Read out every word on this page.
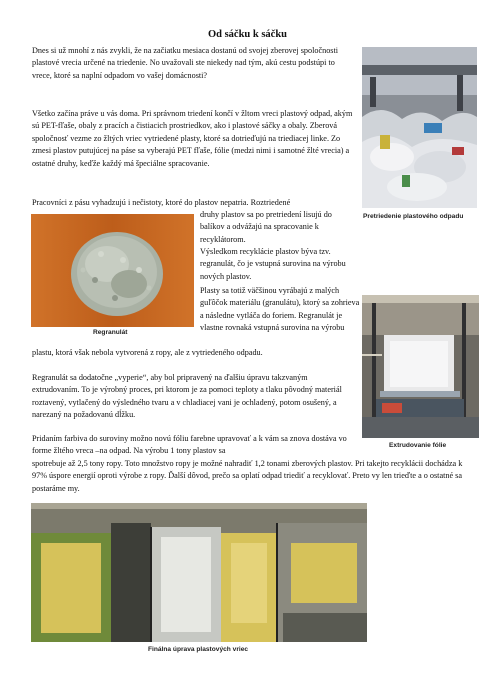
Od sáčku k sáčku

Dnes si už mnohí z nás zvykli, že na začiatku mesiaca dostanú od svojej zberovej spoločnosti plastové vrecia určené na triedenie. No uvažovali ste niekedy nad tým, akú cestu podstúpi to vrece, ktoré sa naplní odpadom vo vašej domácnosti?

Všetko začína práve u vás doma. Pri správnom triedení končí v žltom vreci plastový odpad, akým sú PET-fľaše, obaly z pracích a čistiacich prostriedkov, ako i plastové sáčky a obaly. Zberová spoločnosť vezme zo žltých vriec vytriedené plasty, ktoré sa dotrieďujú na triediacej linke. Zo zmesi plastov putujúcej na páse sa vyberajú PET fľaše, fólie (medzi nimi i samotné žlté vrecia) a ostatné druhy, keďže každý má špeciálne spracovanie.

Pracovníci z pásu vyhadzujú i nečistoty, ktoré do plastov nepatria. Roztriedené

druhy plastov sa po pretriedení lisujú do balíkov a odvážajú na spracovanie k recyklátorom.

Výsledkom recyklácie plastov býva tzv. regranulát, čo je vstupná surovina na výrobu nových plastov.

Plasty sa totiž väčšinou vyrábajú z malých guľôčok materiálu (granulátu), ktorý sa zohrieva a následne vytláča do foriem. Regranulát je vlastne rovnaká vstupná surovina na výrobu

plastu, ktorá však nebola vytvorená z ropy, ale z vytriedeného odpadu.

Regranulát sa dodatočne „vyperie“, aby bol pripravený na ďalšiu úpravu takzvaným extrudovaním. To je výrobný proces, pri ktorom je za pomoci teploty a tlaku pôvodný materiál roztavený, vytlačený do výsledného tvaru a v chladiacej vani je ochladený, potom osušený, a narezaný na požadovanú dĺžku.

Pridaním farbiva do suroviny možno novú fóliu farebne upravovať a k vám sa znova dostáva vo forme žltého vreca –na odpad. Na výrobu 1 tony plastov sa

spotrebuje až 2,5 tony ropy. Toto množstvo ropy je možné nahradiť 1,2 tonami zberových plastov. Pri takejto recyklácii dochádza k 97% úspore energií oproti výrobe z ropy. Ďalší dôvod, prečo sa oplatí odpad triediť a recyklovať. Preto vy len trieďte a o ostatné sa postaráme my.

Pretriedenie plastového odpadu
Regranulát
Extrudovanie fólie
Finálna úprava plastových vriec
